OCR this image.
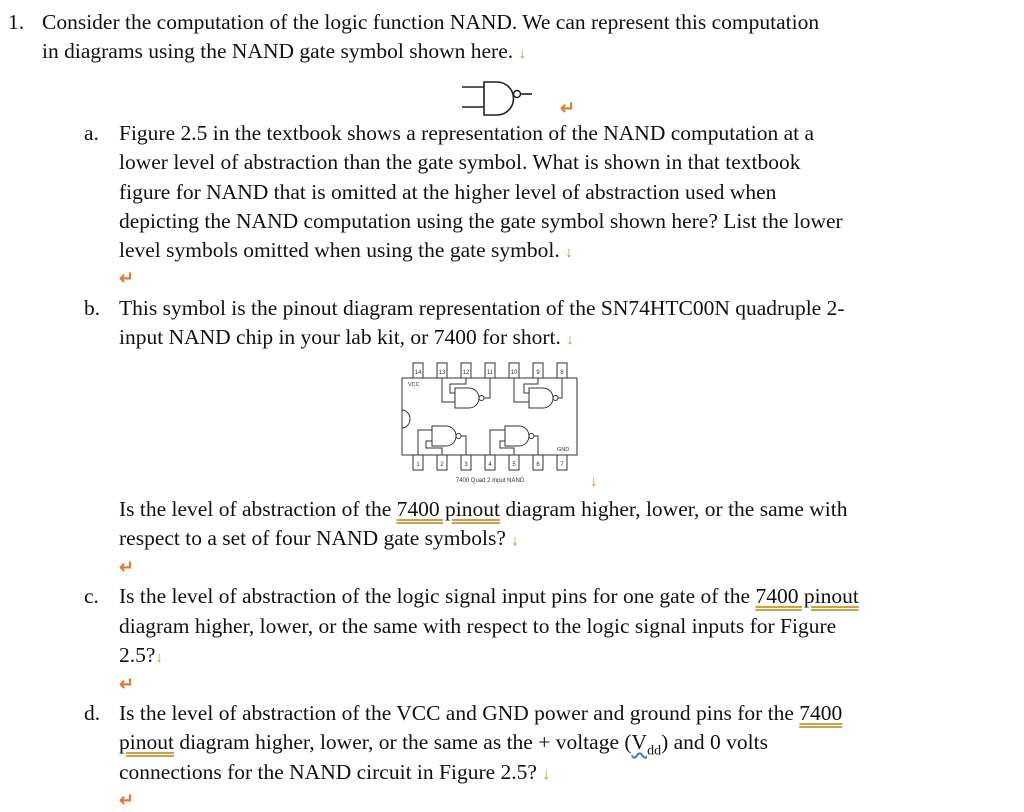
1. Consider the computation of the logic function NAND. We can represent this computation
in diagrams using the NAND gate symbol shown here. ↓
↵
a. Figure 2.5 in the textbook shows a representation of the NAND computation at a
lower level of abstraction than the gate symbol. What is shown in that textbook
figure for NAND that is omitted at the higher level of abstraction used when
depicting the NAND computation using the gate symbol shown here? List the lower
level symbols omitted when using the gate symbol. ↓
↵
b. This symbol is the pinout diagram representation of the SN74HTC00N quadruple 2-
input NAND chip in your lab kit, or 7400 for short. ↓
14	13	12	11	10	9	8
1	2	3	4	5	6	7
VCC
GND
7400 Quad 2 Input NAND	↓
Is the level of abstraction of the 7400 pinout diagram higher, lower, or the same with
respect to a set of four NAND gate symbols? ↓
↵
c. Is the level of abstraction of the logic signal input pins for one gate of the 7400 pinout
diagram higher, lower, or the same with respect to the logic signal inputs for Figure
2.5?↓
↵
d. Is the level of abstraction of the VCC and GND power and ground pins for the 7400
pinout diagram higher, lower, or the same as the + voltage $(V_{dd})$ and 0 volts
connections for the NAND circuit in Figure 2.5? ↓
↵
